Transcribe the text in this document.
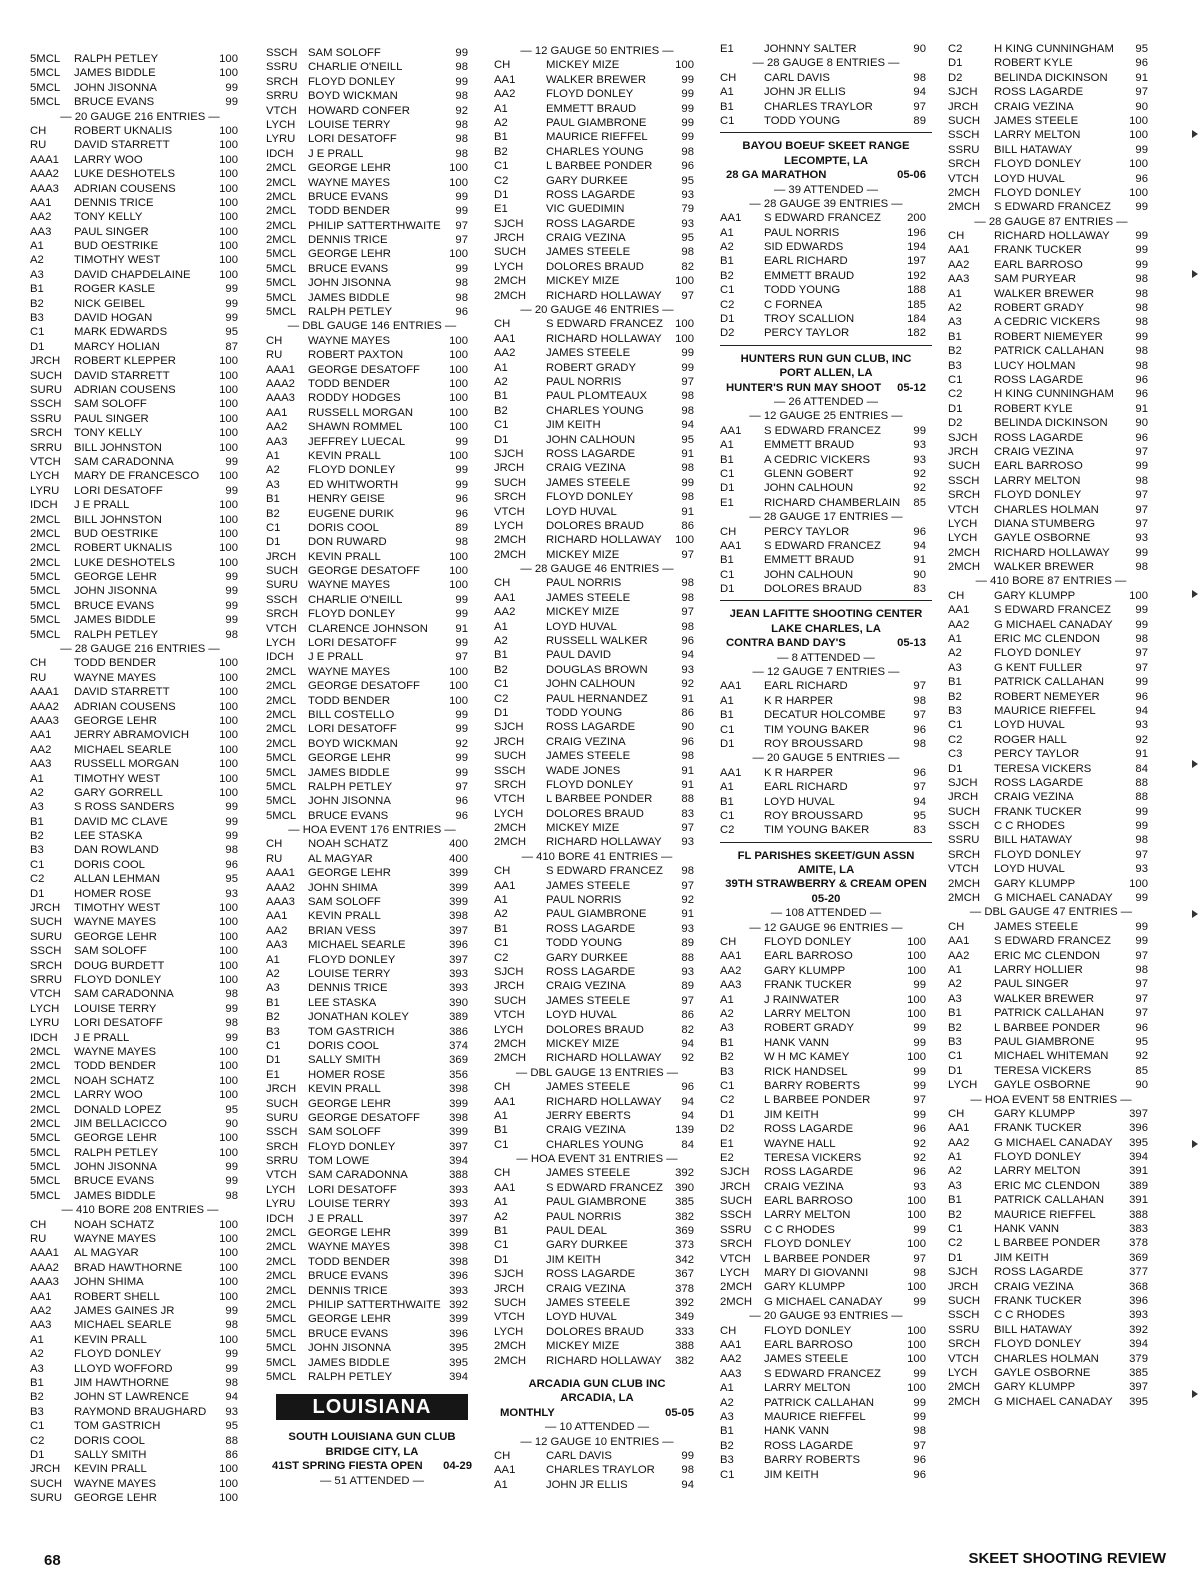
5MCL RALPH PETLEY	100
5MCL JAMES BIDDLE	100
5MCL JOHN JISONNA	99
5MCL BRUCE EVANS	99
— 20 GAUGE 216 ENTRIES —
CH ROBERT UKNALIS	100
RU DAVID STARRETT	100
AAA1 LARRY WOO	100
AAA2 LUKE DESHOTELS	100
AAA3 ADRIAN COUSENS	100
AA1 DENNIS TRICE	100
AA2 TONY KELLY	100
AA3 PAUL SINGER	100
A1	BUD OESTRIKE	100
A2	TIMOTHY WEST	100
A3	DAVID CHAPDELAINE	100
B1	ROGER KASLE	99
B2	NICK GEIBEL	99
B3	DAVID HOGAN	99
C1	MARK EDWARDS	95
D1	MARCY HOLIAN	87
JRCH ROBERT KLEPPER	100
SUCH DAVID STARRETT	100
SURU ADRIAN COUSENS	100
SSCH SAM SOLOFF	100
SSRU PAUL SINGER	100
SRCH TONY KELLY	100
SRRU BILL JOHNSTON	100
VTCH SAM CARADONNA	99
LYCH MARY DE FRANCESCO 100
LYRU LORI DESATOFF	99
IDCH J E PRALL	100
2MCL BILL JOHNSTON	100
2MCL BUD OESTRIKE	100
2MCL ROBERT UKNALIS	100
2MCL LUKE DESHOTELS	100
5MCL GEORGE LEHR	99
5MCL JOHN JISONNA	99
5MCL BRUCE EVANS	99
5MCL JAMES BIDDLE	99
5MCL RALPH PETLEY	98
— 28 GAUGE 216 ENTRIES —
CH TODD BENDER	100
RU WAYNE MAYES	100
AAA1 DAVID STARRETT	100
AAA2 ADRIAN COUSENS	100
AAA3 GEORGE LEHR	100
AA1 JERRY ABRAMOVICH	100
AA2 MICHAEL SEARLE	100
AA3 RUSSELL MORGAN	100
A1	TIMOTHY WEST	100
A2	GARY GORRELL	100
A3	S ROSS SANDERS	99
B1	DAVID MC CLAVE	99
B2	LEE STASKA	99
B3	DAN ROWLAND	98
C1	DORIS COOL	96
C2	ALLAN LEHMAN	95
D1	HOMER ROSE	93
JRCH TIMOTHY WEST	100
SUCH WAYNE MAYES	100
SURU GEORGE LEHR	100
SSCH SAM SOLOFF	100
SRCH DOUG BURDETT	100
SRRU FLOYD DONLEY	100
VTCH SAM CARADONNA	98
LYCH LOUISE TERRY	99
LYRU LORI DESATOFF	98
IDCH J E PRALL	99
2MCL WAYNE MAYES	100
2MCL TODD BENDER	100
2MCL NOAH SCHATZ	100
2MCL LARRY WOO	100
2MCL DONALD LOPEZ	95
2MCL JIM BELLACICCO	90
5MCL GEORGE LEHR	100
5MCL RALPH PETLEY	100
5MCL JOHN JISONNA	99
5MCL BRUCE EVANS	99
5MCL JAMES BIDDLE	98
— 410 BORE 208 ENTRIES —
CH NOAH SCHATZ	100
RU WAYNE MAYES	100
AAA1 AL MAGYAR	100
AAA2 BRAD HAWTHORNE	100
AAA3 JOHN SHIMA	100
AA1 ROBERT SHELL	100
AA2 JAMES GAINES JR	99
AA3 MICHAEL SEARLE	98
A1	KEVIN PRALL	100
A2	FLOYD DONLEY	99
A3	LLOYD WOFFORD	99
B1	JIM HAWTHORNE	98
B2	JOHN ST LAWRENCE	94
B3	RAYMOND BRAUGHARD 93
C1	TOM GASTRICH	95
C2	DORIS COOL	88
D1	SALLY SMITH	86
JRCH KEVIN PRALL	100
SUCH WAYNE MAYES	100
SURU GEORGE LEHR	100
SSCH SAM SOLOFF	99
SSRU CHARLIE O'NEILL	98
SRCH FLOYD DONLEY	99
SRRU BOYD WICKMAN	98
VTCH HOWARD CONFER	92
LYCH LOUISE TERRY	98
LYRU LORI DESATOFF	98
IDCH J E PRALL	98
2MCL GEORGE LEHR	100
2MCL WAYNE MAYES	100
2MCL BRUCE EVANS	99
2MCL TODD BENDER	99
2MCL PHILIP SATTERTHWAITE 97
2MCL DENNIS TRICE	97
5MCL GEORGE LEHR	100
5MCL BRUCE EVANS	99
5MCL JOHN JISONNA	98
5MCL JAMES BIDDLE	98
5MCL RALPH PETLEY	96
— DBL GAUGE 146 ENTRIES —
CH WAYNE MAYES	100
RU ROBERT PAXTON	100
AAA1 GEORGE DESATOFF	100
AAA2 TODD BENDER	100
AAA3 RODDY HODGES	100
AA1 RUSSELL MORGAN	100
AA2 SHAWN ROMMEL	100
AA3 JEFFREY LUECAL	99
A1 KEVIN PRALL	100
A2 FLOYD DONLEY	99
A3 ED WHITWORTH	99
B1 HENRY GEISE	96
B2 EUGENE DURIK	96
C1 DORIS COOL	89
D1 DON RUWARD	98
JRCH KEVIN PRALL	100
SUCH GEORGE DESATOFF	100
SURU WAYNE MAYES	100
SSCH CHARLIE O'NEILL	99
SRCH FLOYD DONLEY	99
VTCH CLARENCE JOHNSON 91
LYCH LORI DESATOFF	99
IDCH J E PRALL	97
2MCL WAYNE MAYES	100
2MCL GEORGE DESATOFF	100
2MCL TODD BENDER	100
2MCL BILL COSTELLO	99
2MCL LORI DESATOFF	99
2MCL BOYD WICKMAN	92
5MCL GEORGE LEHR	99
5MCL JAMES BIDDLE	99
5MCL RALPH PETLEY	97
5MCL JOHN JISONNA	96
5MCL BRUCE EVANS	96
— HOA EVENT 176 ENTRIES —
CH NOAH SCHATZ	400
RU AL MAGYAR	400
AAA1 GEORGE LEHR	399
AAA2 JOHN SHIMA	399
AAA3 SAM SOLOFF	399
AA1 KEVIN PRALL	398
AA2 BRIAN VESS	397
AA3 MICHAEL SEARLE	396
A1 FLOYD DONLEY	397
A2 LOUISE TERRY	393
A3 DENNIS TRICE	393
B1 LEE STASKA	390
B2 JONATHAN KOLEY	389
B3 TOM GASTRICH	386
C1 DORIS COOL	374
D1 SALLY SMITH	369
E1 HOMER ROSE	356
JRCH KEVIN PRALL	398
SUCH GEORGE LEHR	399
SURU GEORGE DESATOFF	398
SSCH SAM SOLOFF	399
SRCH FLOYD DONLEY	397
SRRU TOM LOWE	394
VTCH SAM CARADONNA	388
LYCH LORI DESATOFF	393
LYRU LOUISE TERRY	393
IDCH J E PRALL	397
2MCL GEORGE LEHR	399
2MCL WAYNE MAYES	398
2MCL TODD BENDER	398
2MCL BRUCE EVANS	396
2MCL DENNIS TRICE	393
2MCL PHILIP SATTERTHWAITE 392
5MCL GEORGE LEHR	399
5MCL BRUCE EVANS	396
5MCL JOHN JISONNA	395
5MCL JAMES BIDDLE	395
5MCL RALPH PETLEY	394
LOUISIANA
SOUTH LOUISIANA GUN CLUB
BRIDGE CITY, LA
41ST SPRING FIESTA OPEN 04-29
— 51 ATTENDED —
— 12 GAUGE 50 ENTRIES —
CH	MICKEY MIZE	100
AA1	WALKER BREWER	99
AA2	FLOYD DONLEY	99
A1	EMMETT BRAUD	99
A2	PAUL GIAMBRONE	99
B1	MAURICE RIEFFEL	99
B2	CHARLES YOUNG	98
C1	L BARBEE PONDER	96
C2	GARY DURKEE	95
D1	ROSS LAGARDE	93
E1	VIC GUEDIMIN	79
SJCH ROSS LAGARDE	93
JRCH CRAIG VEZINA	95
SUCH JAMES STEELE	98
LYCH DOLORES BRAUD	82
2MCH MICKEY MIZE	100
2MCH RICHARD HOLLAWAY 97
— 20 GAUGE 46 ENTRIES —
CH	S EDWARD FRANCEZ 100
AA1	RICHARD HOLLAWAY 100
AA2	JAMES STEELE	99
A1	ROBERT GRADY	99
A2	PAUL NORRIS	97
B1	PAUL PLOMTEAUX	98
B2	CHARLES YOUNG	98
C1	JIM KEITH	94
D1	JOHN CALHOUN	95
SJCH ROSS LAGARDE	91
JRCH CRAIG VEZINA	98
SUCH JAMES STEELE	99
SRCH FLOYD DONLEY	98
VTCH LOYD HUVAL	91
LYCH DOLORES BRAUD	86
2MCH RICHARD HOLLAWAY 100
2MCH MICKEY MIZE	97
— 28 GAUGE 46 ENTRIES —
CH	PAUL NORRIS	98
AA1	JAMES STEELE	98
AA2	MICKEY MIZE	97
A1	LOYD HUVAL	98
A2	RUSSELL WALKER	96
B1	PAUL DAVID	94
B2	DOUGLAS BROWN	93
C1	JOHN CALHOUN	92
C2	PAUL HERNANDEZ	91
D1	TODD YOUNG	86
SJCH ROSS LAGARDE	90
JRCH CRAIG VEZINA	96
SUCH JAMES STEELE	98
SSCH WADE JONES	91
SRCH FLOYD DONLEY	91
VTCH L BARBEE PONDER	88
LYCH DOLORES BRAUD	83
2MCH MICKEY MIZE	97
2MCH RICHARD HOLLAWAY 93
— 410 BORE 41 ENTRIES —
CH	S EDWARD FRANCEZ 98
AA1	JAMES STEELE	97
A1	PAUL NORRIS	92
A2	PAUL GIAMBRONE	91
B1	ROSS LAGARDE	93
C1	TODD YOUNG	89
C2	GARY DURKEE	88
SJCH ROSS LAGARDE	93
JRCH CRAIG VEZINA	89
SUCH JAMES STEELE	97
VTCH LOYD HUVAL	86
LYCH DOLORES BRAUD	82
2MCH MICKEY MIZE	94
2MCH RICHARD HOLLAWAY 92
— DBL GAUGE 13 ENTRIES —
CH	JAMES STEELE	96
AA1	RICHARD HOLLAWAY 94
A1	JERRY EBERTS	94
B1	CRAIG VEZINA	139
C1	CHARLES YOUNG	84
— HOA EVENT 31 ENTRIES —
CH	JAMES STEELE	392
AA1	S EDWARD FRANCEZ 390
A1	PAUL GIAMBRONE	385
A2	PAUL NORRIS	382
B1	PAUL DEAL	369
C1	GARY DURKEE	373
D1	JIM KEITH	342
SJCH ROSS LAGARDE	367
JRCH CRAIG VEZINA	378
SUCH JAMES STEELE	392
VTCH LOYD HUVAL	349
LYCH DOLORES BRAUD	333
2MCH MICKEY MIZE	388
2MCH RICHARD HOLLAWAY 382
ARCADIA GUN CLUB INC
ARCADIA, LA
MONTHLY	05-05
— 10 ATTENDED —
— 12 GAUGE 10 ENTRIES —
CH	CARL DAVIS	99
AA1	CHARLES TRAYLOR 98
A1	JOHN JR ELLIS	94
E1	JOHNNY SALTER	90
— 28 GAUGE 8 ENTRIES —
CH CARL DAVIS	98
A1	JOHN JR ELLIS	94
B1	CHARLES TRAYLOR	97
C1	TODD YOUNG	89
BAYOU BOEUF SKEET RANGE
LECOMPTE, LA
28 GA MARATHON	05-06
— 39 ATTENDED —
— 28 GAUGE 39 ENTRIES —
AA1 S EDWARD FRANCEZ 200
A1	PAUL NORRIS	196
A2	SID EDWARDS	194
B1	EARL RICHARD	197
B2	EMMETT BRAUD	192
C1	TODD YOUNG	188
C2	C FORNEA	185
D1	TROY SCALLION	184
D2	PERCY TAYLOR	182
HUNTERS RUN GUN CLUB, INC
PORT ALLEN, LA
HUNTER'S RUN MAY SHOOT 05-12
— 26 ATTENDED —
— 12 GAUGE 25 ENTRIES —
AA1 S EDWARD FRANCEZ	99
A1	EMMETT BRAUD	93
B1	A CEDRIC VICKERS	93
C1	GLENN GOBERT	92
D1	JOHN CALHOUN	92
E1	RICHARD CHAMBERLAIN 85
— 28 GAUGE 17 ENTRIES —
CH PERCY TAYLOR	96
AA1 S EDWARD FRANCEZ	94
B1	EMMETT BRAUD	91
C1	JOHN CALHOUN	90
D1	DOLORES BRAUD	83
JEAN LAFITTE SHOOTING CENTER
LAKE CHARLES, LA
CONTRA BAND DAY'S	05-13
— 8 ATTENDED —
— 12 GAUGE 7 ENTRIES —
AA1 EARL RICHARD	97
A1	K R HARPER	98
B1	DECATUR HOLCOMBE 97
C1	TIM YOUNG BAKER	96
D1	ROY BROUSSARD	98
— 20 GAUGE 5 ENTRIES —
AA1 K R HARPER	96
A1	EARL RICHARD	97
B1	LOYD HUVAL	94
C1	ROY BROUSSARD	95
C2	TIM YOUNG BAKER	83
FL PARISHES SKEET/GUN ASSN
AMITE, LA
39TH STRAWBERRY & CREAM OPEN
05-20
— 108 ATTENDED —
— 12 GAUGE 96 ENTRIES —
CH FLOYD DONLEY	100
AA1 EARL BARROSO	100
AA2 GARY KLUMPP	100
AA3 FRANK TUCKER	99
A1	J RAINWATER	100
A2	LARRY MELTON	100
A3	ROBERT GRADY	99
B1	HANK VANN	99
B2	W H MC KAMEY	100
B3	RICK HANDSEL	99
C1	BARRY ROBERTS	99
C2	L BARBEE PONDER	97
D1	JIM KEITH	99
D2	ROSS LAGARDE	96
E1	WAYNE HALL	92
E2	TERESA VICKERS	92
SJCH ROSS LAGARDE	96
JRCH CRAIG VEZINA	93
SUCH EARL BARROSO	100
SSCH LARRY MELTON	100
SSRU C C RHODES	99
SRCH FLOYD DONLEY	100
VTCH L BARBEE PONDER	97
LYCH MARY DI GIOVANNI	98
2MCH GARY KLUMPP	100
2MCH G MICHAEL CANADAY	99
— 20 GAUGE 93 ENTRIES —
CH FLOYD DONLEY	100
AA1 EARL BARROSO	100
AA2 JAMES STEELE	100
AA3 S EDWARD FRANCEZ	99
A1	LARRY MELTON	100
A2	PATRICK CALLAHAN	99
A3	MAURICE RIEFFEL	99
B1	HANK VANN	98
B2	ROSS LAGARDE	97
B3	BARRY ROBERTS	96
C1	JIM KEITH	96
C2	H KING CUNNINGHAM 95
D1	ROBERT KYLE	96
D2	BELINDA DICKINSON 91
SJCH ROSS LAGARDE	97
JRCH CRAIG VEZINA	90
SUCH JAMES STEELE	100
SSCH LARRY MELTON	100
SSRU BILL HATAWAY	99
SRCH FLOYD DONLEY	100
VTCH LOYD HUVAL	96
2MCH FLOYD DONLEY	100
2MCH S EDWARD FRANCEZ 99
— 28 GAUGE 87 ENTRIES —
CH	RICHARD HOLLAWAY 99
AA1 FRANK TUCKER	99
AA2 EARL BARROSO	99
AA3 SAM PURYEAR	98
A1	WALKER BREWER	98
A2	ROBERT GRADY	98
A3	A CEDRIC VICKERS	98
B1	ROBERT NIEMEYER	99
B2	PATRICK CALLAHAN	98
B3	LUCY HOLMAN	98
C1	ROSS LAGARDE	96
C2	H KING CUNNINGHAM 96
D1	ROBERT KYLE	91
D2	BELINDA DICKINSON 90
SJCH ROSS LAGARDE	96
JRCH CRAIG VEZINA	97
SUCH EARL BARROSO	99
SSCH LARRY MELTON	98
SRCH FLOYD DONLEY	97
VTCH CHARLES HOLMAN	97
LYCH DIANA STUMBERG	97
LYCH GAYLE OSBORNE	93
2MCH RICHARD HOLLAWAY 99
2MCH WALKER BREWER	98
— 410 BORE 87 ENTRIES —
CH	GARY KLUMPP	100
AA1 S EDWARD FRANCEZ 99
AA2 G MICHAEL CANADAY 99
A1	ERIC MC CLENDON	98
A2	FLOYD DONLEY	97
A3	G KENT FULLER	97
B1	PATRICK CALLAHAN	99
B2	ROBERT NEMEYER	96
B3	MAURICE RIEFFEL	94
C1	LOYD HUVAL	93
C2	ROGER HALL	92
C3	PERCY TAYLOR	91
D1	TERESA VICKERS	84
SJCH ROSS LAGARDE	88
JRCH CRAIG VEZINA	88
SUCH FRANK TUCKER	99
SSCH C C RHODES	99
SSRU BILL HATAWAY	98
SRCH FLOYD DONLEY	97
VTCH LOYD HUVAL	93
2MCH GARY KLUMPP	100
2MCH G MICHAEL CANADAY 99
— DBL GAUGE 47 ENTRIES —
CH	JAMES STEELE	99
AA1 S EDWARD FRANCEZ 99
AA2 ERIC MC CLENDON	97
A1	LARRY HOLLIER	98
A2	PAUL SINGER	97
A3	WALKER BREWER	97
B1	PATRICK CALLAHAN	97
B2	L BARBEE PONDER	96
B3	PAUL GIAMBRONE	95
C1	MICHAEL WHITEMAN 92
D1	TERESA VICKERS	85
LYCH GAYLE OSBORNE	90
— HOA EVENT 58 ENTRIES —
CH	GARY KLUMPP	397
AA1 FRANK TUCKER	396
AA2 G MICHAEL CANADAY 395
A1	FLOYD DONLEY	394
A2	LARRY MELTON	391
A3	ERIC MC CLENDON	389
B1	PATRICK CALLAHAN 391
B2	MAURICE RIEFFEL	388
C1	HANK VANN	383
C2	L BARBEE PONDER	378
D1	JIM KEITH	369
SJCH ROSS LAGARDE	377
JRCH CRAIG VEZINA	368
SUCH FRANK TUCKER	396
SSCH C C RHODES	393
SSRU BILL HATAWAY	392
SRCH FLOYD DONLEY	394
VTCH CHARLES HOLMAN	379
LYCH GAYLE OSBORNE	385
2MCH GARY KLUMPP	397
2MCH G MICHAEL CANADAY 395
68	SKEET SHOOTING REVIEW
